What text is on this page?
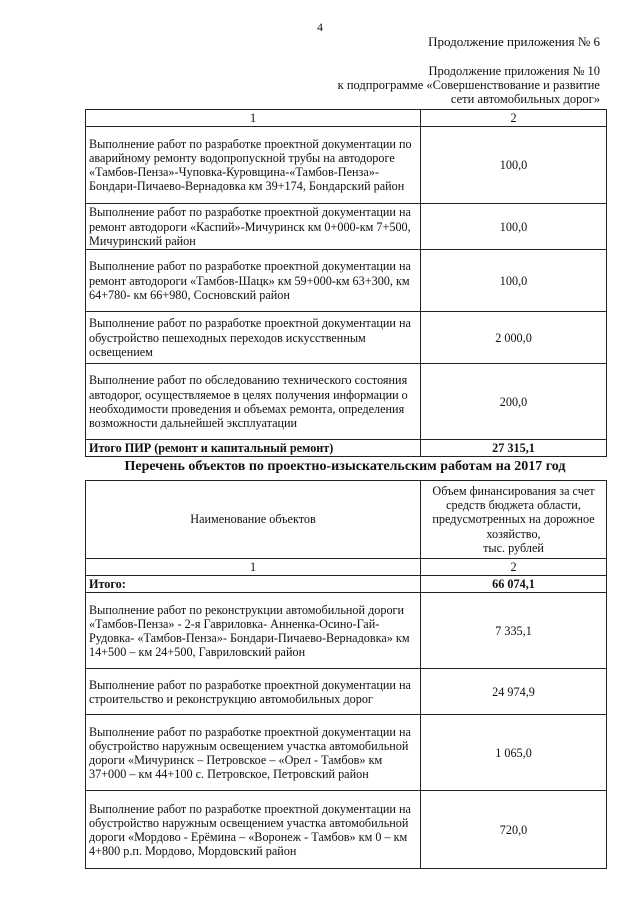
4
Продолжение приложения № 6
Продолжение приложения № 10
к подпрограмме «Совершенствование и развитие
сети автомобильных дорог»
1	2
Выполнение работ по разработке проектной документации по аварийному ремонту водопропускной трубы на автодороге «Тамбов-Пенза»-Чуповка-Куровщина-«Тамбов-Пенза»-Бондари-Пичаево-Вернадовка км 39+174, Бондарский район	100,0
Выполнение работ по разработке проектной документации на ремонт автодороги «Каспий»-Мичуринск км 0+000-км 7+500, Мичуринский район	100,0
Выполнение работ по разработке проектной документации на ремонт автодороги «Тамбов-Шацк» км 59+000-км 63+300, км 64+780- км 66+980, Сосновский район	100,0
Выполнение работ по разработке проектной документации на обустройство пешеходных переходов искусственным освещением	2 000,0
Выполнение работ по обследованию технического состояния автодорог, осуществляемое в целях получения информации о необходимости проведения и объемах ремонта, определения возможности дальнейшей эксплуатации	200,0
Итого ПИР (ремонт и капитальный ремонт)	27 315,1
Перечень объектов по проектно-изыскательским работам на 2017 год
Наименование объектов	Объем финансирования за счет
средств бюджета области,
предусмотренных на дорожное
хозяйство,
тыс. рублей

1	2
Итого:	66 074,1
Выполнение работ по реконструкции автомобильной дороги «Тамбов-Пенза» - 2-я Гавриловка- Анненка-Осино-Гай- Рудовка- «Тамбов-Пенза»- Бондари-Пичаево-Вернадовка» км 14+500 – км 24+500, Гавриловский район	7 335,1
Выполнение работ по разработке проектной документации на строительство и реконструкцию автомобильных дорог	24 974,9
Выполнение работ по разработке проектной документации на обустройство наружным освещением участка автомобильной дороги «Мичуринск – Петровское – «Орел - Тамбов» км 37+000 – км 44+100 с. Петровское, Петровский район	1 065,0
Выполнение работ по разработке проектной документации на обустройство наружным освещением участка автомобильной дороги «Мордово - Ерёмина – «Воронеж - Тамбов» км 0 – км 4+800 р.п. Мордово, Мордовский район	720,0
